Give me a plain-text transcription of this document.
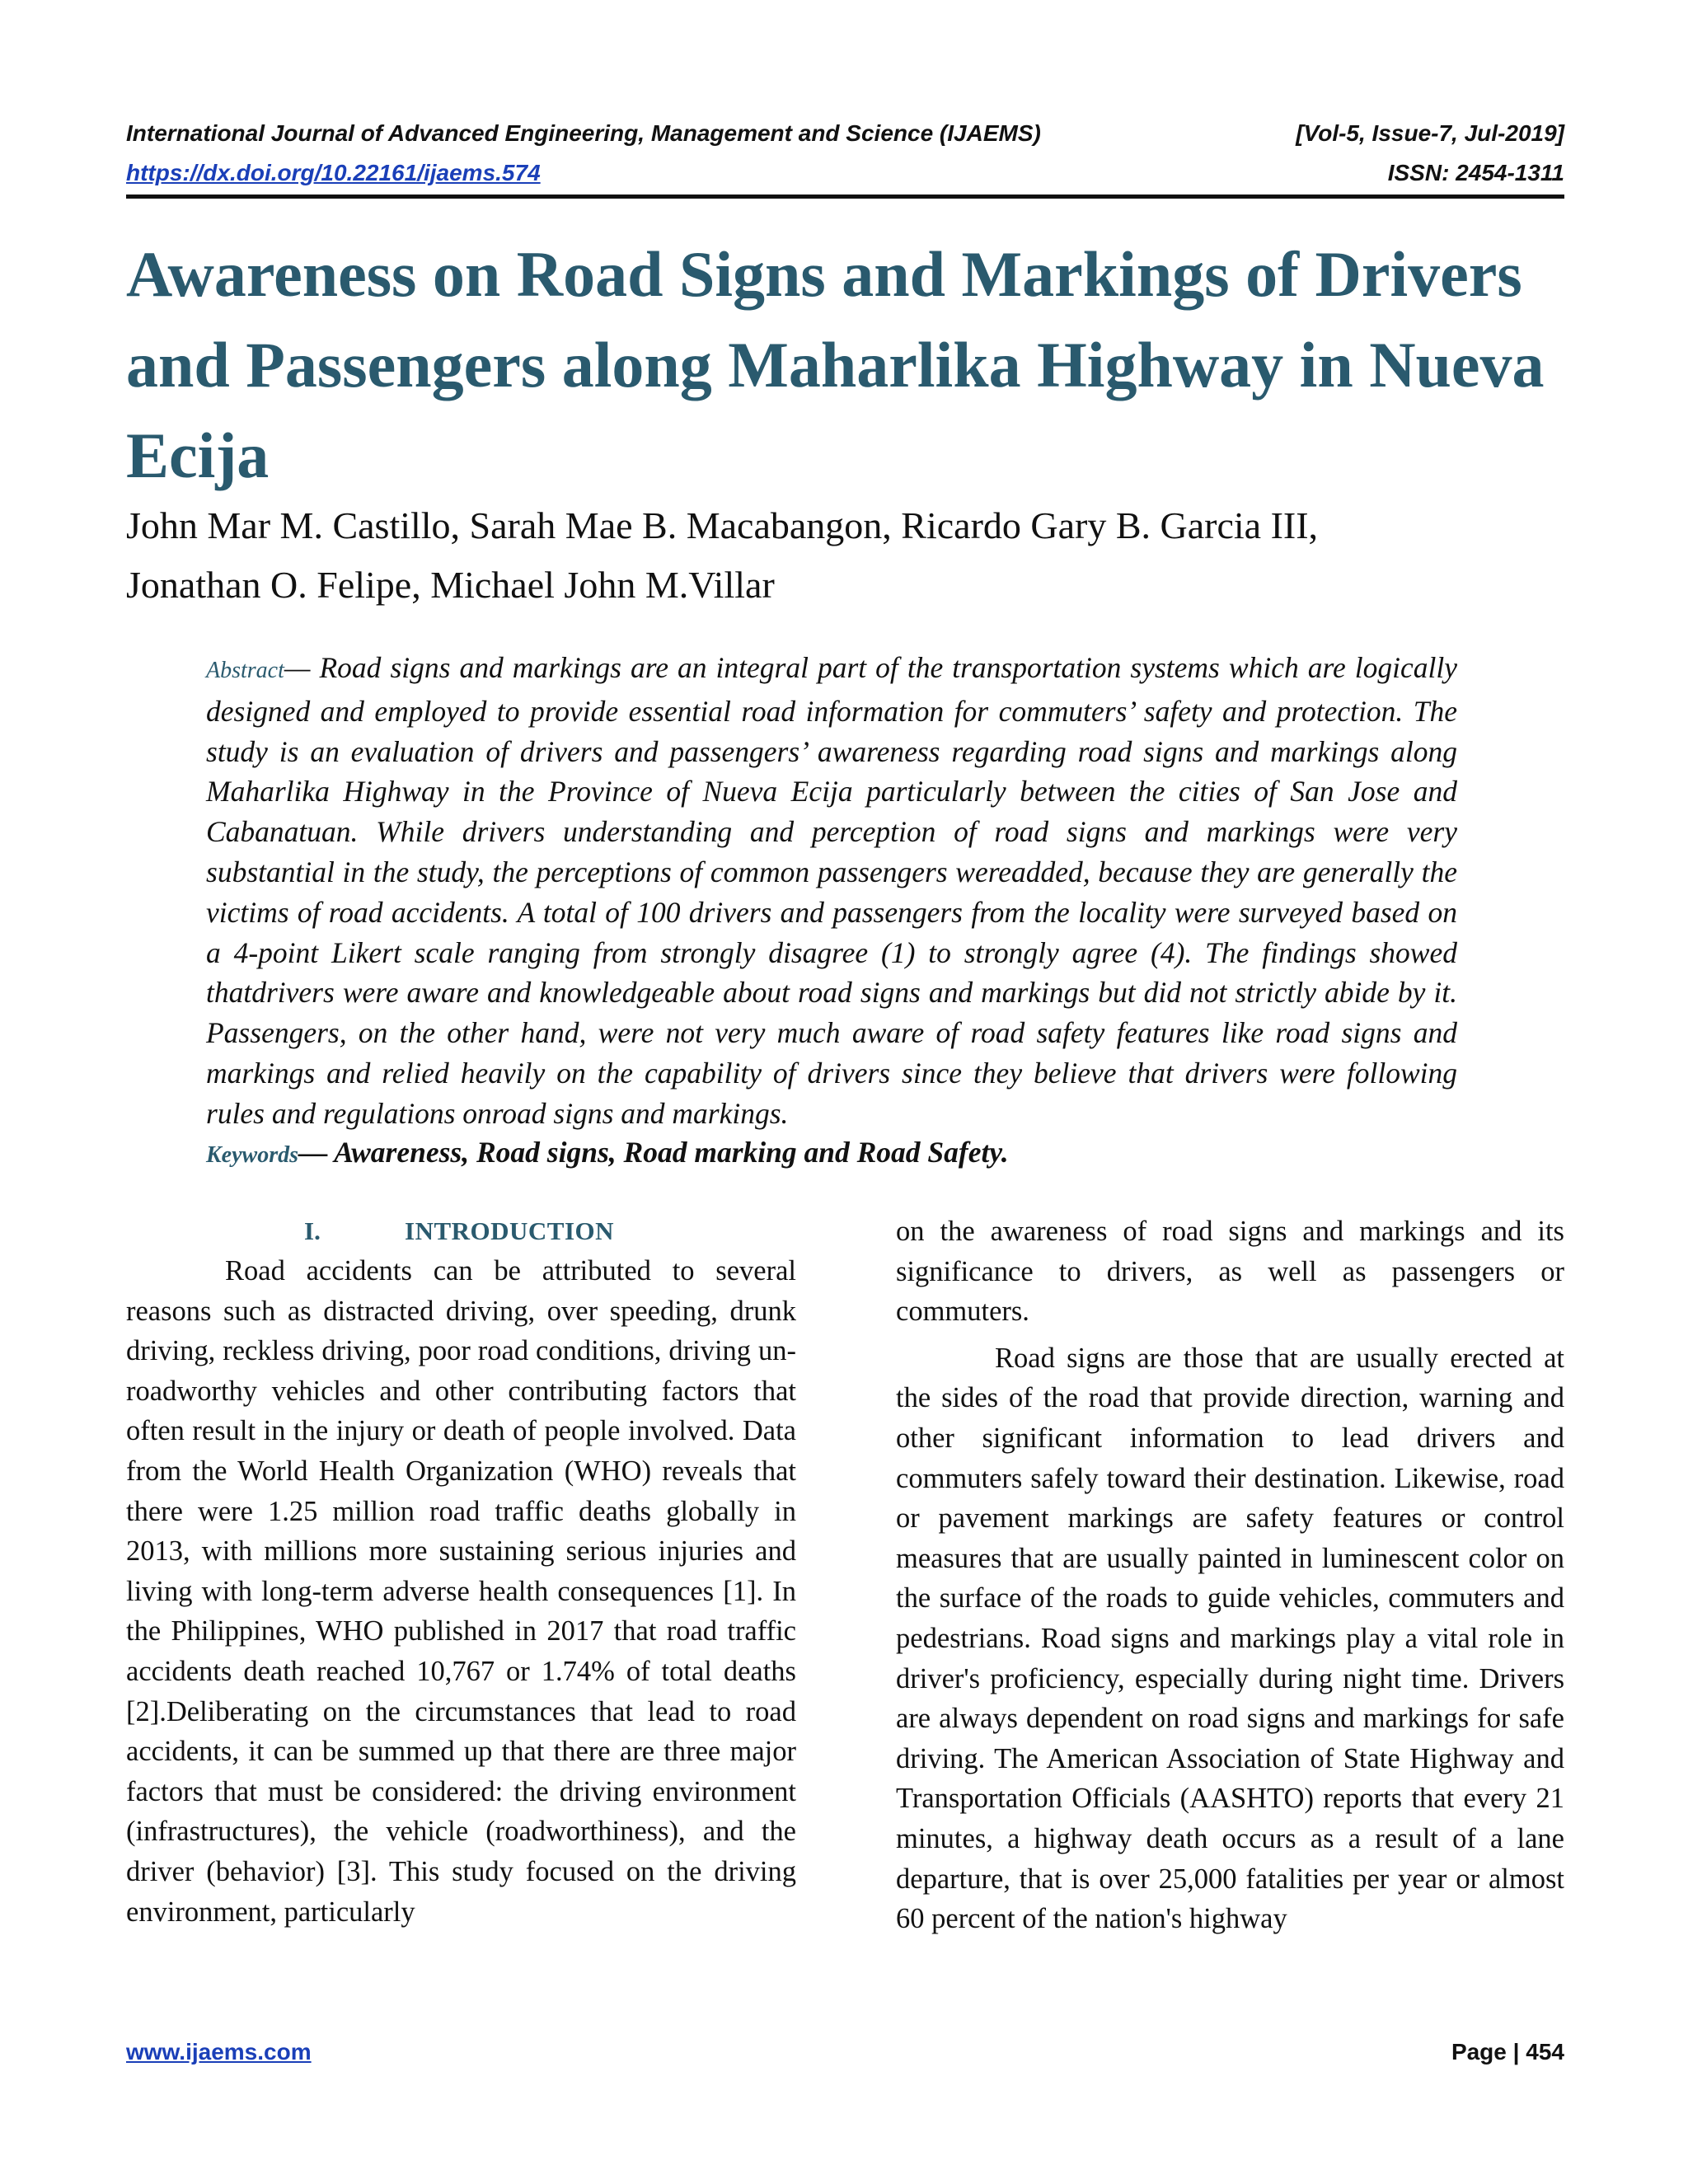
International Journal of Advanced Engineering, Management and Science (IJAEMS)	[Vol-5, Issue-7, Jul-2019]
https://dx.doi.org/10.22161/ijaems.574	ISSN: 2454-1311
Awareness on Road Signs and Markings of Drivers and Passengers along Maharlika Highway in Nueva Ecija
John Mar M. Castillo, Sarah Mae B. Macabangon, Ricardo Gary B. Garcia III,
Jonathan O. Felipe, Michael John M.Villar

Abstract— Road signs and markings are an integral part of the transportation systems which are logically designed and employed to provide essential road information for commuters’ safety and protection. The study is an evaluation of drivers and passengers’ awareness regarding road signs and markings along Maharlika Highway in the Province of Nueva Ecija particularly between the cities of San Jose and Cabanatuan. While drivers understanding and perception of road signs and markings were very substantial in the study, the perceptions of common passengers wereadded, because they are generally the victims of road accidents. A total of 100 drivers and passengers from the locality were surveyed based on a 4-point Likert scale ranging from strongly disagree (1) to strongly agree (4). The findings showed thatdrivers were aware and knowledgeable about road signs and markings but did not strictly abide by it. Passengers, on the other hand, were not very much aware of road safety features like road signs and markings and relied heavily on the capability of drivers since they believe that drivers were following rules and regulations onroad signs and markings.

Keywords— Awareness, Road signs, Road marking and Road Safety.

I.	INTRODUCTION

Road accidents can be attributed to several reasons such as distracted driving, over speeding, drunk driving, reckless driving, poor road conditions, driving un-roadworthy vehicles and other contributing factors that often result in the injury or death of people involved. Data from the World Health Organization (WHO) reveals that there were 1.25 million road traffic deaths globally in 2013, with millions more sustaining serious injuries and living with long-term adverse health consequences [1]. In the Philippines, WHO published in 2017 that road traffic accidents death reached 10,767 or 1.74% of total deaths [2].Deliberating on the circumstances that lead to road accidents, it can be summed up that there are three major factors that must be considered: the driving environment (infrastructures), the vehicle (roadworthiness), and the driver (behavior) [3]. This study focused on the driving environment, particularly

on the awareness of road signs and markings and its significance to drivers, as well as passengers or commuters.

Road signs are those that are usually erected at the sides of the road that provide direction, warning and other significant information to lead drivers and commuters safely toward their destination. Likewise, road or pavement markings are safety features or control measures that are usually painted in luminescent color on the surface of the roads to guide vehicles, commuters and pedestrians. Road signs and markings play a vital role in driver's proficiency, especially during night time. Drivers are always dependent on road signs and markings for safe driving. The American Association of State Highway and Transportation Officials (AASHTO) reports that every 21 minutes, a highway death occurs as a result of a lane departure, that is over 25,000 fatalities per year or almost 60 percent of the nation's highway

www.ijaems.com	Page | 454
